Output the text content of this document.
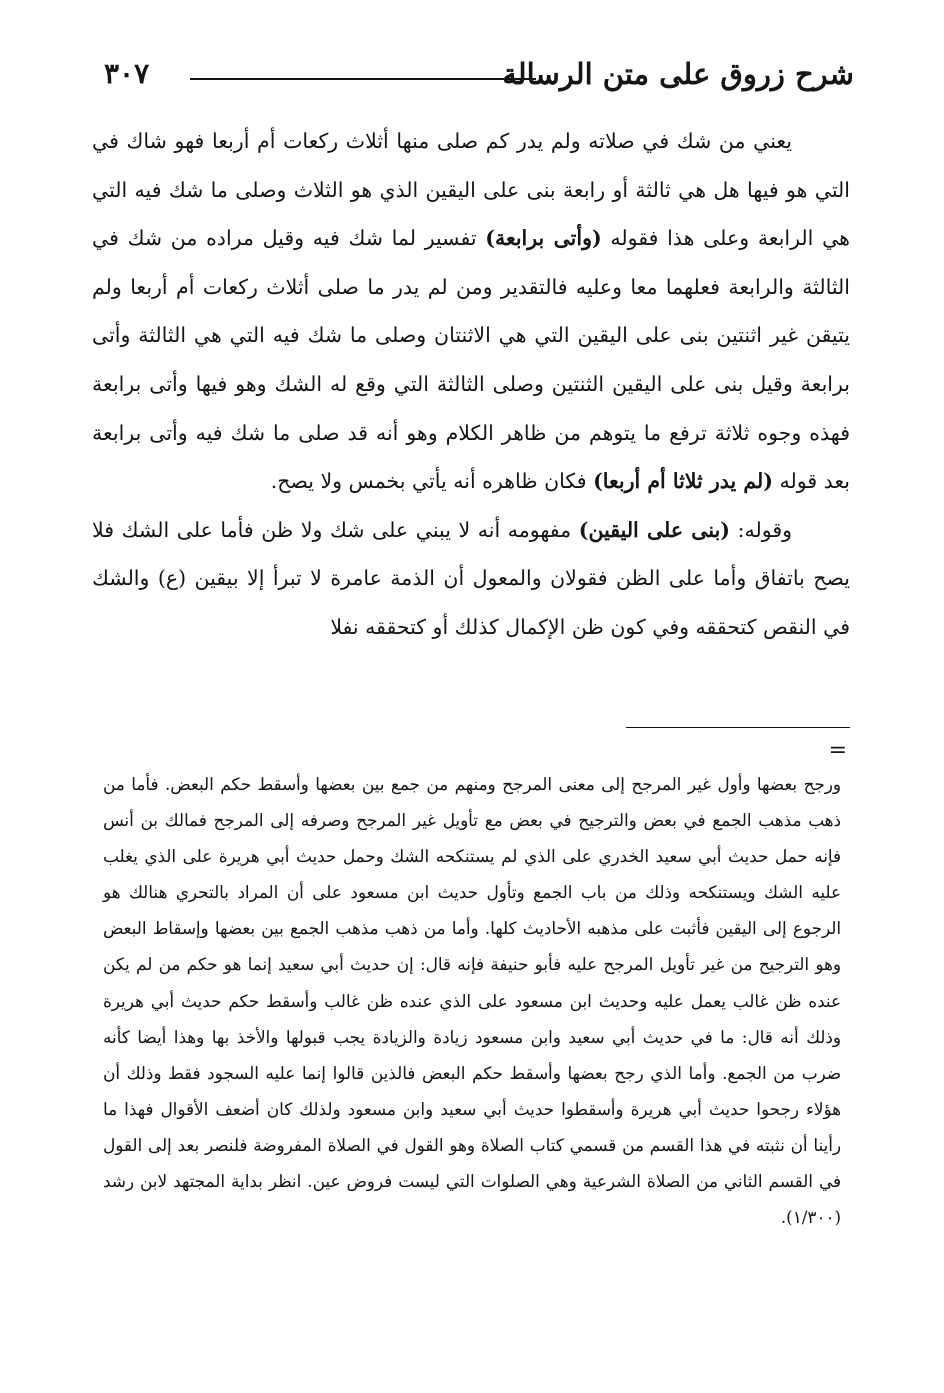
شرح زروق على متن الرسالة
٣٠٧

يعني من شك في صلاته ولم يدر كم صلى منها أثلاث ركعات أم أربعا فهو شاك في التي هو فيها هل هي ثالثة أو رابعة بنى على اليقين الذي هو الثلاث وصلى ما شك فيه التي هي الرابعة وعلى هذا فقوله (وأتى برابعة) تفسير لما شك فيه وقيل مراده من شك في الثالثة والرابعة فعلهما معا وعليه فالتقدير ومن لم يدر ما صلى أثلاث ركعات أم أربعا ولم يتيقن غير اثنتين بنى على اليقين التي هي الاثنتان وصلى ما شك فيه التي هي الثالثة وأتى برابعة وقيل بنى على اليقين الثنتين وصلى الثالثة التي وقع له الشك وهو فيها وأتى برابعة فهذه وجوه ثلاثة ترفع ما يتوهم من ظاهر الكلام وهو أنه قد صلى ما شك فيه وأتى برابعة بعد قوله (لم يدر ثلاثا أم أربعا) فكان ظاهره أنه يأتي بخمس ولا يصح.

وقوله: (بنى على اليقين) مفهومه أنه لا يبني على شك ولا ظن فأما على الشك فلا يصح باتفاق وأما على الظن فقولان والمعول أن الذمة عامرة لا تبرأ إلا بيقين (ع) والشك في النقص كتحققه وفي كون ظن الإكمال كذلك أو كتحققه نفلا

=

ورجح بعضها وأول غير المرجح إلى معنى المرجح ومنهم من جمع بين بعضها وأسقط حكم البعض. فأما من ذهب مذهب الجمع في بعض والترجيح في بعض مع تأويل غير المرجح وصرفه إلى المرجح فمالك بن أنس فإنه حمل حديث أبي سعيد الخدري على الذي لم يستنكحه الشك وحمل حديث أبي هريرة على الذي يغلب عليه الشك ويستنكحه وذلك من باب الجمع وتأول حديث ابن مسعود على أن المراد بالتحري هنالك هو الرجوع إلى اليقين فأثبت على مذهبه الأحاديث كلها. وأما من ذهب مذهب الجمع بين بعضها وإسقاط البعض وهو الترجيح من غير تأويل المرجح عليه فأبو حنيفة فإنه قال: إن حديث أبي سعيد إنما هو حكم من لم يكن عنده ظن غالب يعمل عليه وحديث ابن مسعود على الذي عنده ظن غالب وأسقط حكم حديث أبي هريرة وذلك أنه قال: ما في حديث أبي سعيد وابن مسعود زيادة والزيادة يجب قبولها والأخذ بها وهذا أيضا كأنه ضرب من الجمع. وأما الذي رجح بعضها وأسقط حكم البعض فالذين قالوا إنما عليه السجود فقط وذلك أن هؤلاء رجحوا حديث أبي هريرة وأسقطوا حديث أبي سعيد وابن مسعود ولذلك كان أضعف الأقوال فهذا ما رأينا أن نثبته في هذا القسم من قسمي كتاب الصلاة وهو القول في الصلاة المفروضة فلنصر بعد إلى القول في القسم الثاني من الصلاة الشرعية وهي الصلوات التي ليست فروض عين. انظر بداية المجتهد لابن رشد (١/٣٠٠).
